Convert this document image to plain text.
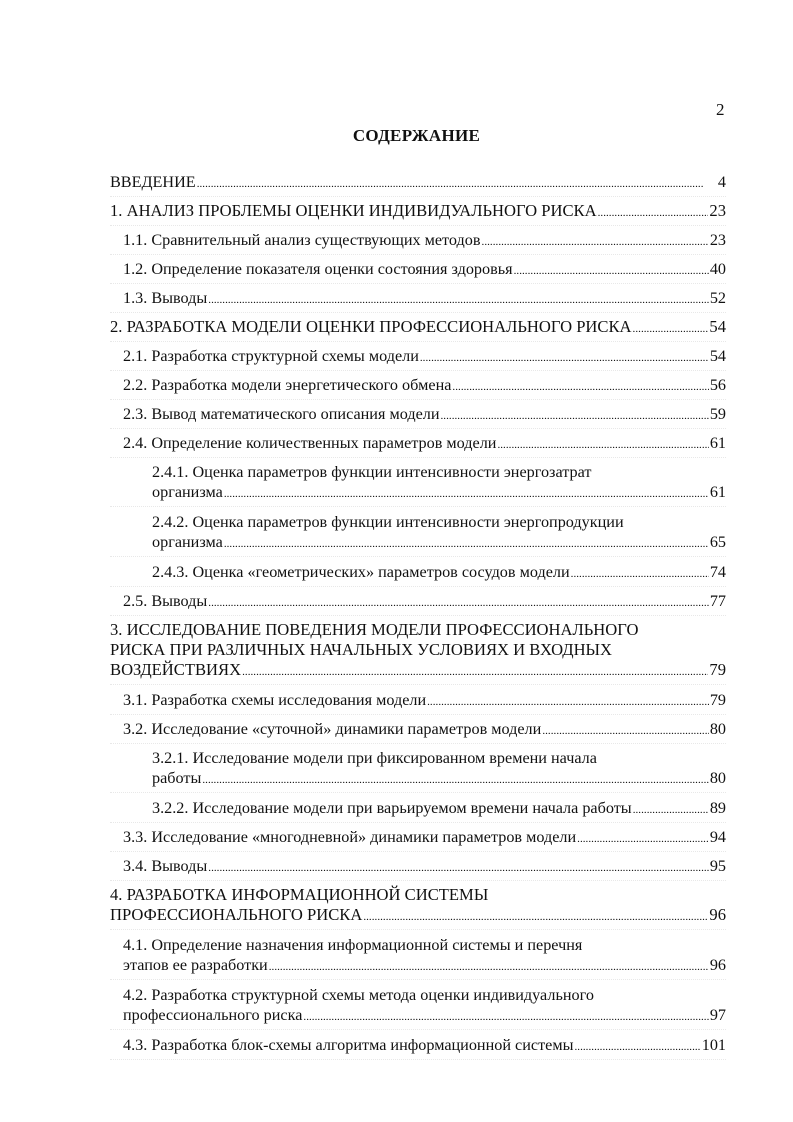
2
СОДЕРЖАНИЕ
ВВЕДЕНИЕ . . .	4
1. АНАЛИЗ ПРОБЛЕМЫ ОЦЕНКИ ИНДИВИДУАЛЬНОГО РИСКА . . .	23
1.1. Сравнительный анализ существующих методов . . .	23
1.2. Определение показателя оценки состояния здоровья . . .	40
1.3. Выводы . . .	52
2. РАЗРАБОТКА МОДЕЛИ ОЦЕНКИ ПРОФЕССИОНАЛЬНОГО РИСКА . . .	54
2.1. Разработка структурной схемы модели . . .	54
2.2. Разработка модели энергетического обмена . . .	56
2.3. Вывод математического описания модели . . .	59
2.4. Определение количественных параметров модели . . .	61
2.4.1. Оценка параметров функции интенсивности энергозатрат
организма . . .	61
2.4.2. Оценка параметров функции интенсивности энергопродукции
организма . . .	65
2.4.3. Оценка «геометрических» параметров сосудов модели . . .	74
2.5. Выводы . . .	77
3. ИССЛЕДОВАНИЕ ПОВЕДЕНИЯ МОДЕЛИ ПРОФЕССИОНАЛЬНОГО
РИСКА ПРИ РАЗЛИЧНЫХ НАЧАЛЬНЫХ УСЛОВИЯХ И ВХОДНЫХ
ВОЗДЕЙСТВИЯХ . . .	79
3.1. Разработка схемы исследования модели . . .	79
3.2. Исследование «суточной» динамики параметров модели . . .	80
3.2.1. Исследование модели при фиксированном времени начала
работы . . .	80
3.2.2. Исследование модели при варьируемом времени начала работы . . .	89
3.3. Исследование «многодневной» динамики параметров модели . . .	94
3.4. Выводы . . .	95
4. РАЗРАБОТКА ИНФОРМАЦИОННОЙ СИСТЕМЫ
ПРОФЕССИОНАЛЬНОГО РИСКА . . .	96
4.1. Определение назначения информационной системы и перечня
этапов ее разработки . . .	96
4.2. Разработка структурной схемы метода оценки индивидуального
профессионального риска . . .	97
4.3. Разработка блок-схемы алгоритма информационной системы . . .	101
